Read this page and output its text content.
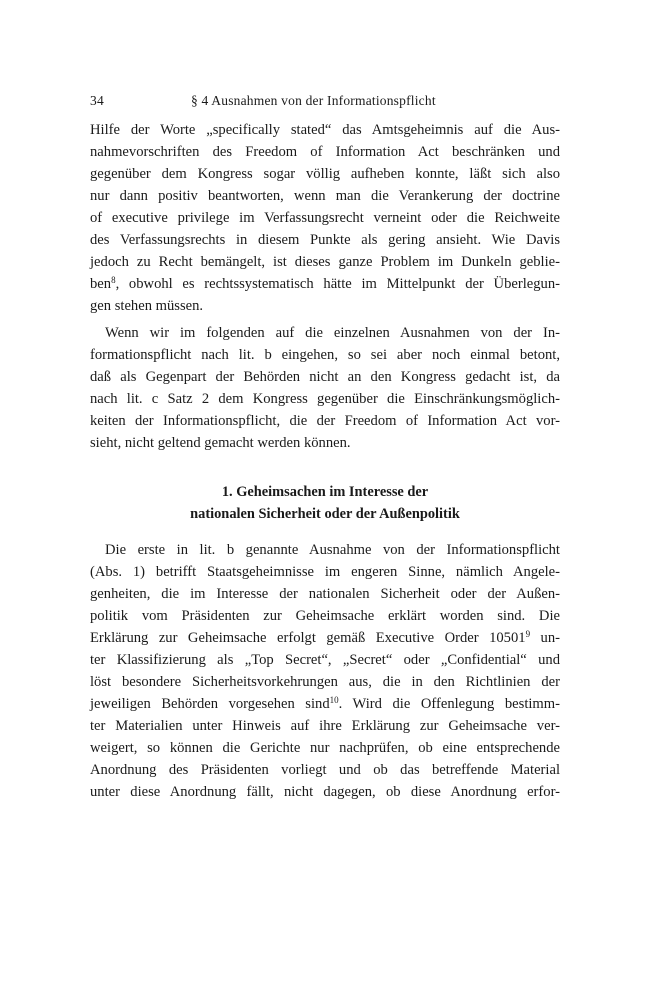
34	§ 4 Ausnahmen von der Informationspflicht
Hilfe der Worte „specifically stated“ das Amtsgeheimnis auf die Aus-
nahmevorschriften des Freedom of Information Act beschränken und
gegenüber dem Kongress sogar völlig aufheben konnte, läßt sich also
nur dann positiv beantworten, wenn man die Verankerung der doctrine
of executive privilege im Verfassungsrecht verneint oder die Reichweite
des Verfassungsrechts in diesem Punkte als gering ansieht. Wie Davis
jedoch zu Recht bemängelt, ist dieses ganze Problem im Dunkeln geblie-
ben$^8$, obwohl es rechtssystematisch hätte im Mittelpunkt der Überlegun-
gen stehen müssen.
Wenn wir im folgenden auf die einzelnen Ausnahmen von der In-
formationspflicht nach lit. b eingehen, so sei aber noch einmal betont,
daß als Gegenpart der Behörden nicht an den Kongress gedacht ist, da
nach lit. c Satz 2 dem Kongress gegenüber die Einschränkungsmöglich-
keiten der Informationspflicht, die der Freedom of Information Act vor-
sieht, nicht geltend gemacht werden können.
1. Geheimsachen im Interesse der
nationalen Sicherheit oder der Außenpolitik
Die erste in lit. b genannte Ausnahme von der Informationspflicht
(Abs. 1) betrifft Staatsgeheimnisse im engeren Sinne, nämlich Angele-
genheiten, die im Interesse der nationalen Sicherheit oder der Außen-
politik vom Präsidenten zur Geheimsache erklärt worden sind. Die
Erklärung zur Geheimsache erfolgt gemäß Executive Order 10501$^9$ un-
ter Klassifizierung als „Top Secret“, „Secret“ oder „Confidential“ und
löst besondere Sicherheitsvorkehrungen aus, die in den Richtlinien der
jeweiligen Behörden vorgesehen sind$^{10}$. Wird die Offenlegung bestimm-
ter Materialien unter Hinweis auf ihre Erklärung zur Geheimsache ver-
weigert, so können die Gerichte nur nachprüfen, ob eine entsprechende
Anordnung des Präsidenten vorliegt und ob das betreffende Material
unter diese Anordnung fällt, nicht dagegen, ob diese Anordnung erfor-
